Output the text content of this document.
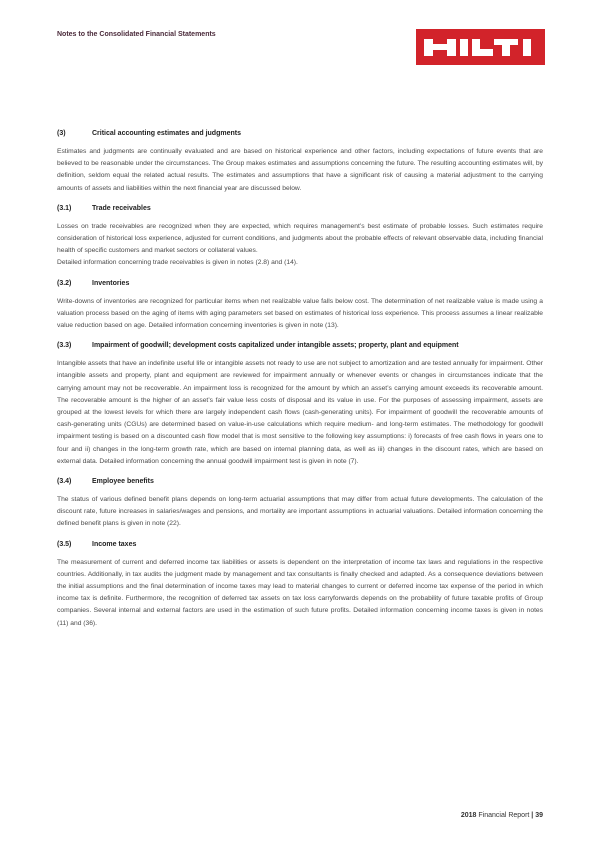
Notes to the Consolidated Financial Statements
(3)	Critical accounting estimates and judgments

Estimates and judgments are continually evaluated and are based on historical experience and other factors, including expectations of future events that are believed to be reasonable under the circumstances. The Group makes estimates and assumptions concerning the future. The resulting accounting estimates will, by definition, seldom equal the related actual results. The estimates and assumptions that have a significant risk of causing a material adjustment to the carrying amounts of assets and liabilities within the next financial year are discussed below.

(3.1)	Trade receivables

Losses on trade receivables are recognized when they are expected, which requires management’s best estimate of probable losses. Such estimates require consideration of historical loss experience, adjusted for current conditions, and judgments about the probable effects of relevant observable data, including financial health of specific customers and market sectors or collateral values.

Detailed information concerning trade receivables is given in notes (2.8) and (14).

(3.2)	Inventories

Write-downs of inventories are recognized for particular items when net realizable value falls below cost. The determination of net realizable value is made using a valuation process based on the aging of items with aging parameters set based on estimates of historical loss experience. This process assumes a linear realizable value reduction based on age. Detailed information concerning inventories is given in note (13).

(3.3)	Impairment of goodwill; development costs capitalized under intangible assets; property, plant and equipment

Intangible assets that have an indefinite useful life or intangible assets not ready to use are not subject to amortization and are tested annually for impairment. Other intangible assets and property, plant and equipment are reviewed for impairment annually or whenever events or changes in circumstances indicate that the carrying amount may not be recoverable. An impairment loss is recognized for the amount by which an asset’s carrying amount exceeds its recoverable amount. The recoverable amount is the higher of an asset’s fair value less costs of disposal and its value in use. For the purposes of assessing impairment, assets are grouped at the lowest levels for which there are largely independent cash flows (cash-generating units). For impairment of goodwill the recoverable amounts of cash-generating units (CGUs) are determined based on value-in-use calculations which require medium- and long-term estimates. The methodology for goodwill impairment testing is based on a discounted cash flow model that is most sensitive to the following key assumptions: i) forecasts of free cash flows in years one to four and ii) changes in the long-term growth rate, which are based on internal planning data, as well as iii) changes in the discount rates, which are based on external data. Detailed information concerning the annual goodwill impairment test is given in note (7).

(3.4)	Employee benefits

The status of various defined benefit plans depends on long-term actuarial assumptions that may differ from actual future developments. The calculation of the discount rate, future increases in salaries/wages and pensions, and mortality are important assumptions in actuarial valuations. Detailed information concerning the defined benefit plans is given in note (22).

(3.5)	Income taxes

The measurement of current and deferred income tax liabilities or assets is dependent on the interpretation of income tax laws and regulations in the respective countries. Additionally, in tax audits the judgment made by management and tax consultants is finally checked and adapted. As a consequence deviations between the initial assumptions and the final determination of income taxes may lead to material changes to current or deferred income tax expense of the period in which income tax is definite. Furthermore, the recognition of deferred tax assets on tax loss carryforwards depends on the probability of future taxable profits of Group companies. Several internal and external factors are used in the estimation of such future profits. Detailed information concerning income taxes is given in notes (11) and (36).

2018 Financial Report | 39
